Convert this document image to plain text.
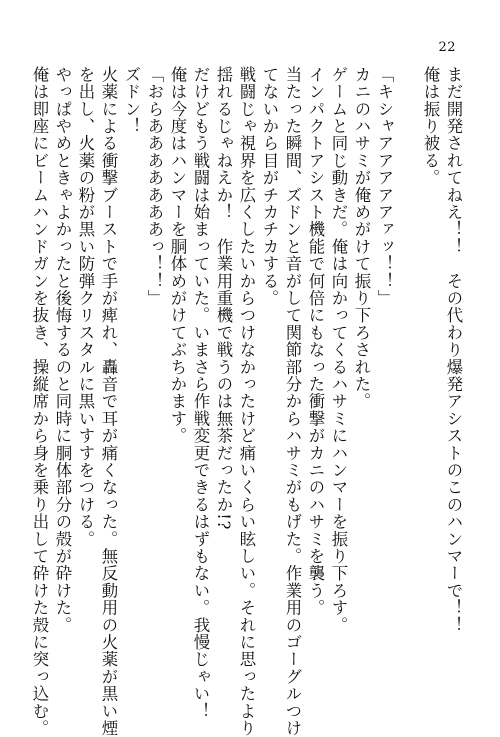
22
まだ開発されてねえ！！　その代わり爆発アシストのこのハンマーで！！
俺は振り被る。
「キシャアアアアアァッ！！」
カニのハサミが俺めがけて振り下ろされた。
ゲームと同じ動きだ。俺は向かってくるハサミにハンマーを振り下ろす。
インパクトアシスト機能で何倍にもなった衝撃がカニのハサミを襲う。
当たった瞬間、ズドンと音がして関節部分からハサミがもげた。作業用のゴーグルつけ
てないから目がチカチカする。
戦闘じゃ視界を広くしたいからつけなかったけど痛いくらい眩しい。それに思ったより
揺れるじゃねえか！　作業用重機で戦うのは無茶だったか!?
だけどもう戦闘は始まっていた。いまさら作戦変更できるはずもない。我慢じゃい！
俺は今度はハンマーを胴体めがけてぶちかます。
「おらあああああああっ！！」
ズドン！
火薬による衝撃ブーストで手が痺れ、轟音で耳が痛くなった。無反動用の火薬が黒い煙
を出し、火薬の粉が黒い防弾クリスタルに黒いすすをつける。
やっぱやめときゃよかったと後悔するのと同時に胴体部分の殻が砕けた。
俺は即座にビームハンドガンを抜き、操縦席から身を乗り出して砕けた殻に突っ込む。
